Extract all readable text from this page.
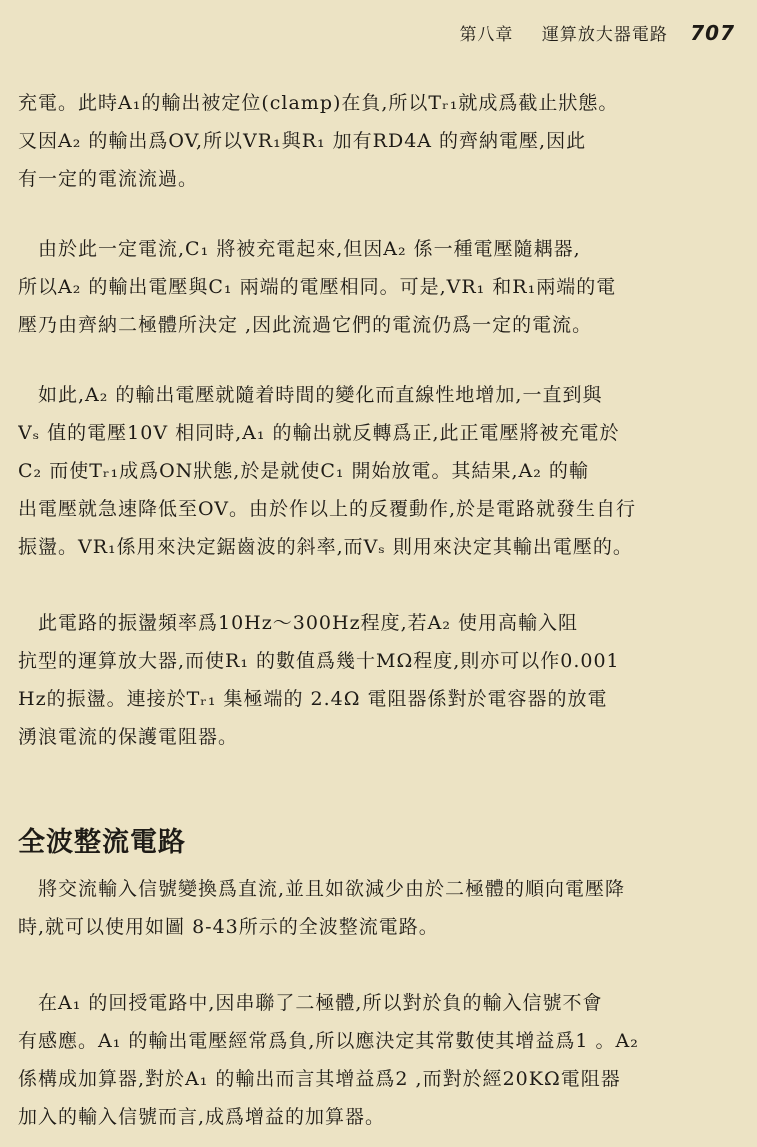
第八章 運算放大器電路 707
充電。此時A₁的輸出被定位(clamp)在負,所以Tᵣ₁就成爲截止狀態。
又因A₂ 的輸出爲OV,所以VR₁與R₁ 加有RD4A 的齊納電壓,因此
有一定的電流流過。
　由於此一定電流,C₁ 將被充電起來,但因A₂ 係一種電壓隨耦器,
所以A₂ 的輸出電壓與C₁ 兩端的電壓相同。可是,VR₁ 和R₁兩端的電
壓乃由齊納二極體所決定 ,因此流過它們的電流仍爲一定的電流。
　如此,A₂ 的輸出電壓就隨着時間的變化而直線性地增加,一直到與
Vₛ 值的電壓10V 相同時,A₁ 的輸出就反轉爲正,此正電壓將被充電於
C₂ 而使Tᵣ₁成爲ON狀態,於是就使C₁ 開始放電。其結果,A₂ 的輸
出電壓就急速降低至OV。由於作以上的反覆動作,於是電路就發生自行
振盪。VR₁係用來決定鋸齒波的斜率,而Vₛ 則用來決定其輸出電壓的。
　此電路的振盪頻率爲10Hz～300Hz程度,若A₂ 使用高輸入阻
抗型的運算放大器,而使R₁ 的數值爲幾十MΩ程度,則亦可以作0.001
Hz的振盪。連接於Tᵣ₁ 集極端的 2.4Ω 電阻器係對於電容器的放電
湧浪電流的保護電阻器。
全波整流電路
　將交流輸入信號變換爲直流,並且如欲減少由於二極體的順向電壓降
時,就可以使用如圖 8-43所示的全波整流電路。
　在A₁ 的回授電路中,因串聯了二極體,所以對於負的輸入信號不會
有感應。A₁ 的輸出電壓經常爲負,所以應決定其常數使其增益爲1 。A₂
係構成加算器,對於A₁ 的輸出而言其增益爲2 ,而對於經20KΩ電阻器
加入的輸入信號而言,成爲增益的加算器。
